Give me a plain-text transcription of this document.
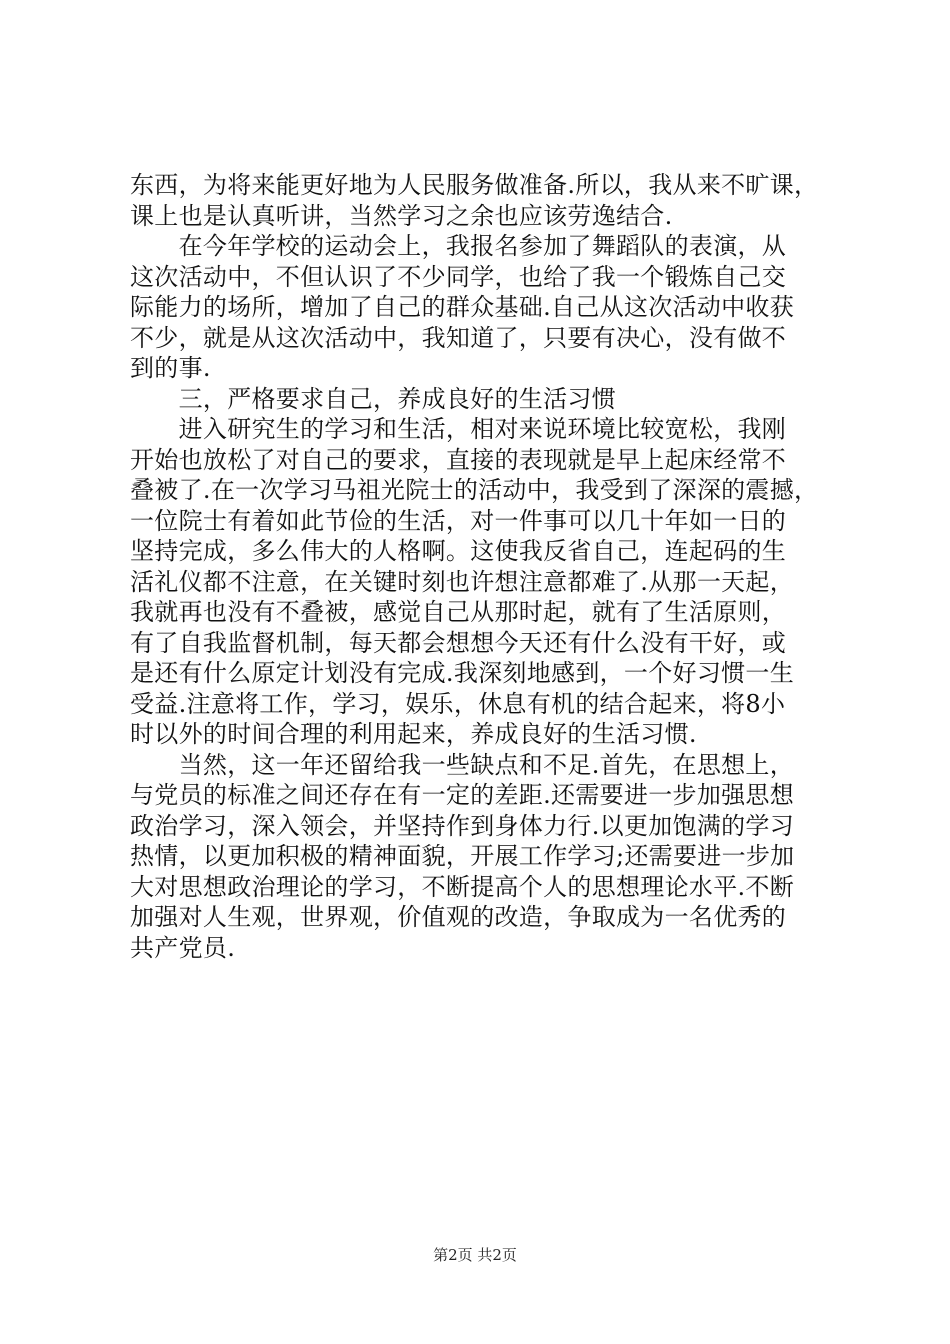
东西，为将来能更好地为人民服务做准备.所以，我从来不旷课，
课上也是认真听讲，当然学习之余也应该劳逸结合.
　　在今年学校的运动会上，我报名参加了舞蹈队的表演，从
这次活动中，不但认识了不少同学，也给了我一个锻炼自己交
际能力的场所，增加了自己的群众基础.自己从这次活动中收获
不少，就是从这次活动中，我知道了，只要有决心，没有做不
到的事.
　　三，严格要求自己，养成良好的生活习惯
　　进入研究生的学习和生活，相对来说环境比较宽松，我刚
开始也放松了对自己的要求，直接的表现就是早上起床经常不
叠被了.在一次学习马祖光院士的活动中，我受到了深深的震撼，
一位院士有着如此节俭的生活，对一件事可以几十年如一日的
坚持完成，多么伟大的人格啊。这使我反省自己，连起码的生
活礼仪都不注意，在关键时刻也许想注意都难了.从那一天起，
我就再也没有不叠被，感觉自己从那时起，就有了生活原则，
有了自我监督机制，每天都会想想今天还有什么没有干好，或
是还有什么原定计划没有完成.我深刻地感到，一个好习惯一生
受益.注意将工作，学习，娱乐，休息有机的结合起来，将8小
时以外的时间合理的利用起来，养成良好的生活习惯.
　　当然，这一年还留给我一些缺点和不足.首先，在思想上，
与党员的标准之间还存在有一定的差距.还需要进一步加强思想
政治学习，深入领会，并坚持作到身体力行.以更加饱满的学习
热情，以更加积极的精神面貌，开展工作学习;还需要进一步加
大对思想政治理论的学习，不断提高个人的思想理论水平.不断
加强对人生观，世界观，价值观的改造，争取成为一名优秀的
共产党员.
第2页 共2页
